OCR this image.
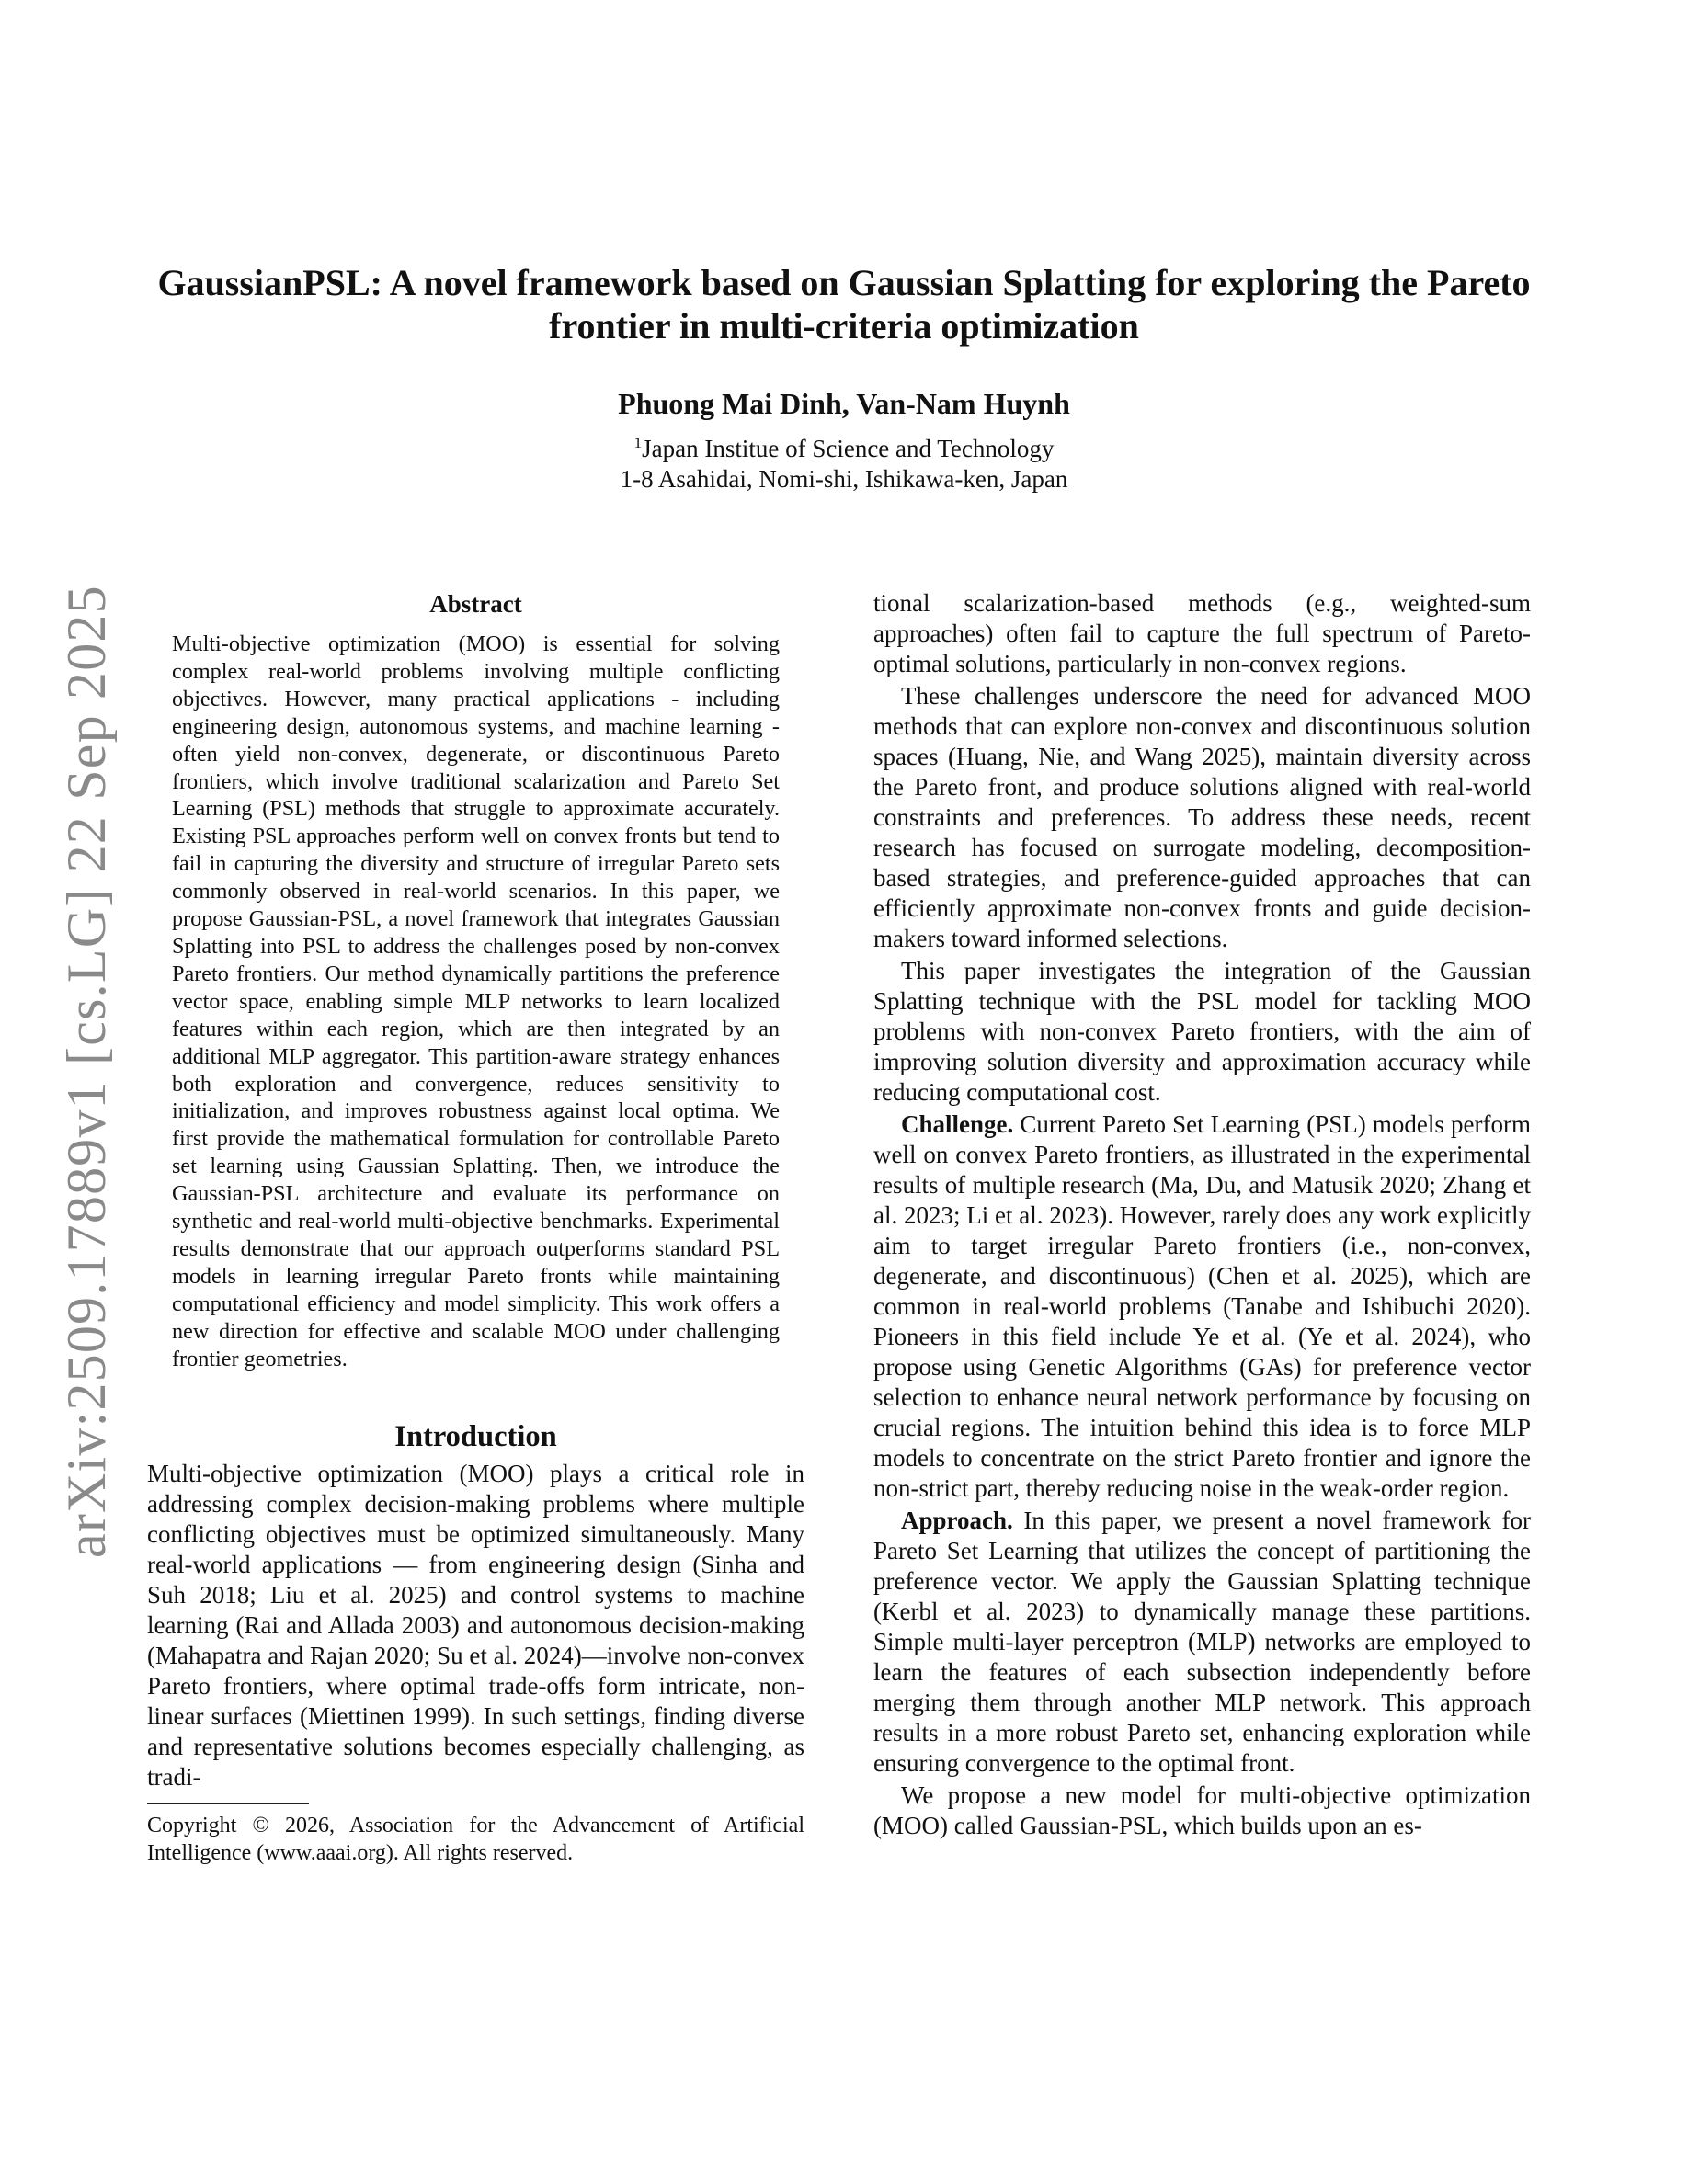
arXiv:2509.17889v1 [cs.LG] 22 Sep 2025
GaussianPSL: A novel framework based on Gaussian Splatting for exploring the Pareto frontier in multi-criteria optimization
Phuong Mai Dinh, Van-Nam Huynh
$^1$Japan Institue of Science and Technology
1-8 Asahidai, Nomi-shi, Ishikawa-ken, Japan
Abstract

Multi-objective optimization (MOO) is essential for solving complex real-world problems involving multiple conflicting objectives. However, many practical applications - including engineering design, autonomous systems, and machine learning - often yield non-convex, degenerate, or discontinuous Pareto frontiers, which involve traditional scalarization and Pareto Set Learning (PSL) methods that struggle to approximate accurately. Existing PSL approaches perform well on convex fronts but tend to fail in capturing the diversity and structure of irregular Pareto sets commonly observed in real-world scenarios. In this paper, we propose Gaussian-PSL, a novel framework that integrates Gaussian Splatting into PSL to address the challenges posed by non-convex Pareto frontiers. Our method dynamically partitions the preference vector space, enabling simple MLP networks to learn localized features within each region, which are then integrated by an additional MLP aggregator. This partition-aware strategy enhances both exploration and convergence, reduces sensitivity to initialization, and improves robustness against local optima. We first provide the mathematical formulation for controllable Pareto set learning using Gaussian Splatting. Then, we introduce the Gaussian-PSL architecture and evaluate its performance on synthetic and real-world multi-objective benchmarks. Experimental results demonstrate that our approach outperforms standard PSL models in learning irregular Pareto fronts while maintaining computational efficiency and model simplicity. This work offers a new direction for effective and scalable MOO under challenging frontier geometries.

Introduction

Multi-objective optimization (MOO) plays a critical role in addressing complex decision-making problems where multiple conflicting objectives must be optimized simultaneously. Many real-world applications — from engineering design (Sinha and Suh 2018; Liu et al. 2025) and control systems to machine learning (Rai and Allada 2003) and autonomous decision-making (Mahapatra and Rajan 2020; Su et al. 2024)—involve non-convex Pareto frontiers, where optimal trade-offs form intricate, non-linear surfaces (Miettinen 1999). In such settings, finding diverse and representative solutions becomes especially challenging, as tradi-

Copyright © 2026, Association for the Advancement of Artificial Intelligence (www.aaai.org). All rights reserved.

tional scalarization-based methods (e.g., weighted-sum approaches) often fail to capture the full spectrum of Pareto-optimal solutions, particularly in non-convex regions.

These challenges underscore the need for advanced MOO methods that can explore non-convex and discontinuous solution spaces (Huang, Nie, and Wang 2025), maintain diversity across the Pareto front, and produce solutions aligned with real-world constraints and preferences. To address these needs, recent research has focused on surrogate modeling, decomposition-based strategies, and preference-guided approaches that can efficiently approximate non-convex fronts and guide decision-makers toward informed selections.

This paper investigates the integration of the Gaussian Splatting technique with the PSL model for tackling MOO problems with non-convex Pareto frontiers, with the aim of improving solution diversity and approximation accuracy while reducing computational cost.

Challenge. Current Pareto Set Learning (PSL) models perform well on convex Pareto frontiers, as illustrated in the experimental results of multiple research (Ma, Du, and Matusik 2020; Zhang et al. 2023; Li et al. 2023). However, rarely does any work explicitly aim to target irregular Pareto frontiers (i.e., non-convex, degenerate, and discontinuous) (Chen et al. 2025), which are common in real-world problems (Tanabe and Ishibuchi 2020). Pioneers in this field include Ye et al. (Ye et al. 2024), who propose using Genetic Algorithms (GAs) for preference vector selection to enhance neural network performance by focusing on crucial regions. The intuition behind this idea is to force MLP models to concentrate on the strict Pareto frontier and ignore the non-strict part, thereby reducing noise in the weak-order region.

Approach. In this paper, we present a novel framework for Pareto Set Learning that utilizes the concept of partitioning the preference vector. We apply the Gaussian Splatting technique (Kerbl et al. 2023) to dynamically manage these partitions. Simple multi-layer perceptron (MLP) networks are employed to learn the features of each subsection independently before merging them through another MLP network. This approach results in a more robust Pareto set, enhancing exploration while ensuring convergence to the optimal front.

We propose a new model for multi-objective optimization (MOO) called Gaussian-PSL, which builds upon an es-
